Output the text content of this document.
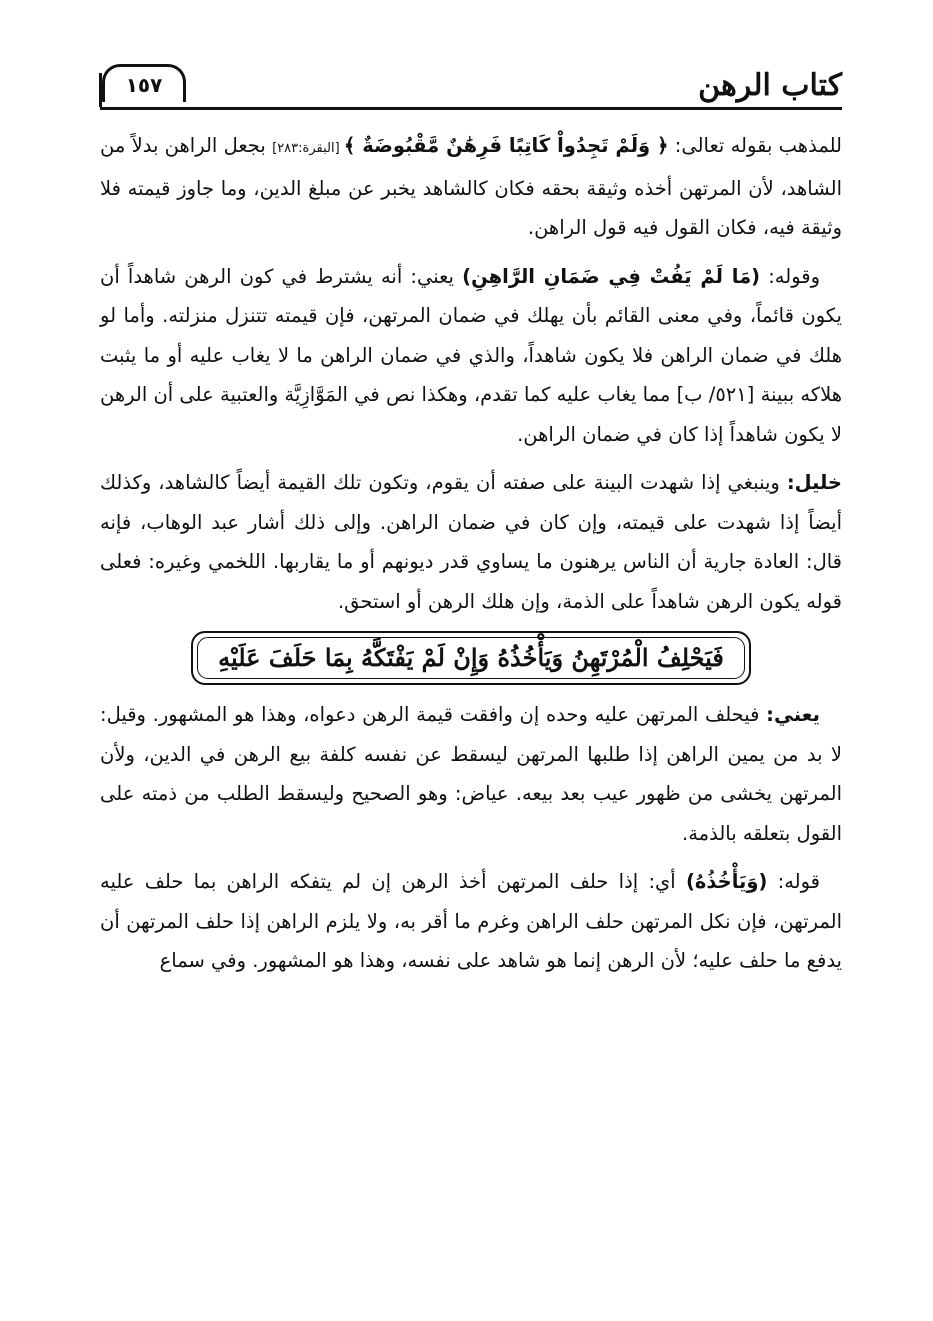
كتاب الرهن
١٥٧

للمذهب بقوله تعالى: ﴿ وَلَمْ تَجِدُواْ كَاتِبًا فَرِهَٰنٌ مَّقْبُوضَةٌ ﴾ [البقرة:٢٨٣] بجعل الراهن بدلاً من الشاهد، لأن المرتهن أخذه وثيقة بحقه فكان كالشاهد يخبر عن مبلغ الدين، وما جاوز قيمته فلا وثيقة فيه، فكان القول فيه قول الراهن.

وقوله: (مَا لَمْ يَفُتْ فِي ضَمَانِ الرَّاهِنِ) يعني: أنه يشترط في كون الرهن شاهداً أن يكون قائماً، وفي معنى القائم بأن يهلك في ضمان المرتهن، فإن قيمته تتنزل منزلته. وأما لو هلك في ضمان الراهن فلا يكون شاهداً، والذي في ضمان الراهن ما لا يغاب عليه أو ما يثبت هلاكه ببينة [٥٢١/ ب] مما يغاب عليه كما تقدم، وهكذا نص في المَوَّازِيَّة والعتبية على أن الرهن لا يكون شاهداً إذا كان في ضمان الراهن.

خليل: وينبغي إذا شهدت البينة على صفته أن يقوم، وتكون تلك القيمة أيضاً كالشاهد، وكذلك أيضاً إذا شهدت على قيمته، وإن كان في ضمان الراهن. وإلى ذلك أشار عبد الوهاب، فإنه قال: العادة جارية أن الناس يرهنون ما يساوي قدر ديونهم أو ما يقاربها. اللخمي وغيره: فعلى قوله يكون الرهن شاهداً على الذمة، وإن هلك الرهن أو استحق.

فَيَحْلِفُ الْمُرْتَهِنُ وَيَأْخُذُهُ وَإِنْ لَمْ يَفْتَكَّهُ بِمَا حَلَفَ عَلَيْهِ

يعني: فيحلف المرتهن عليه وحده إن وافقت قيمة الرهن دعواه، وهذا هو المشهور. وقيل: لا بد من يمين الراهن إذا طلبها المرتهن ليسقط عن نفسه كلفة بيع الرهن في الدين، ولأن المرتهن يخشى من ظهور عيب بعد بيعه. عياض: وهو الصحيح وليسقط الطلب من ذمته على القول بتعلقه بالذمة.

قوله: (وَيَأْخُذُهُ) أي: إذا حلف المرتهن أخذ الرهن إن لم يتفكه الراهن بما حلف عليه المرتهن، فإن نكل المرتهن حلف الراهن وغرم ما أقر به، ولا يلزم الراهن إذا حلف المرتهن أن يدفع ما حلف عليه؛ لأن الرهن إنما هو شاهد على نفسه، وهذا هو المشهور. وفي سماع
